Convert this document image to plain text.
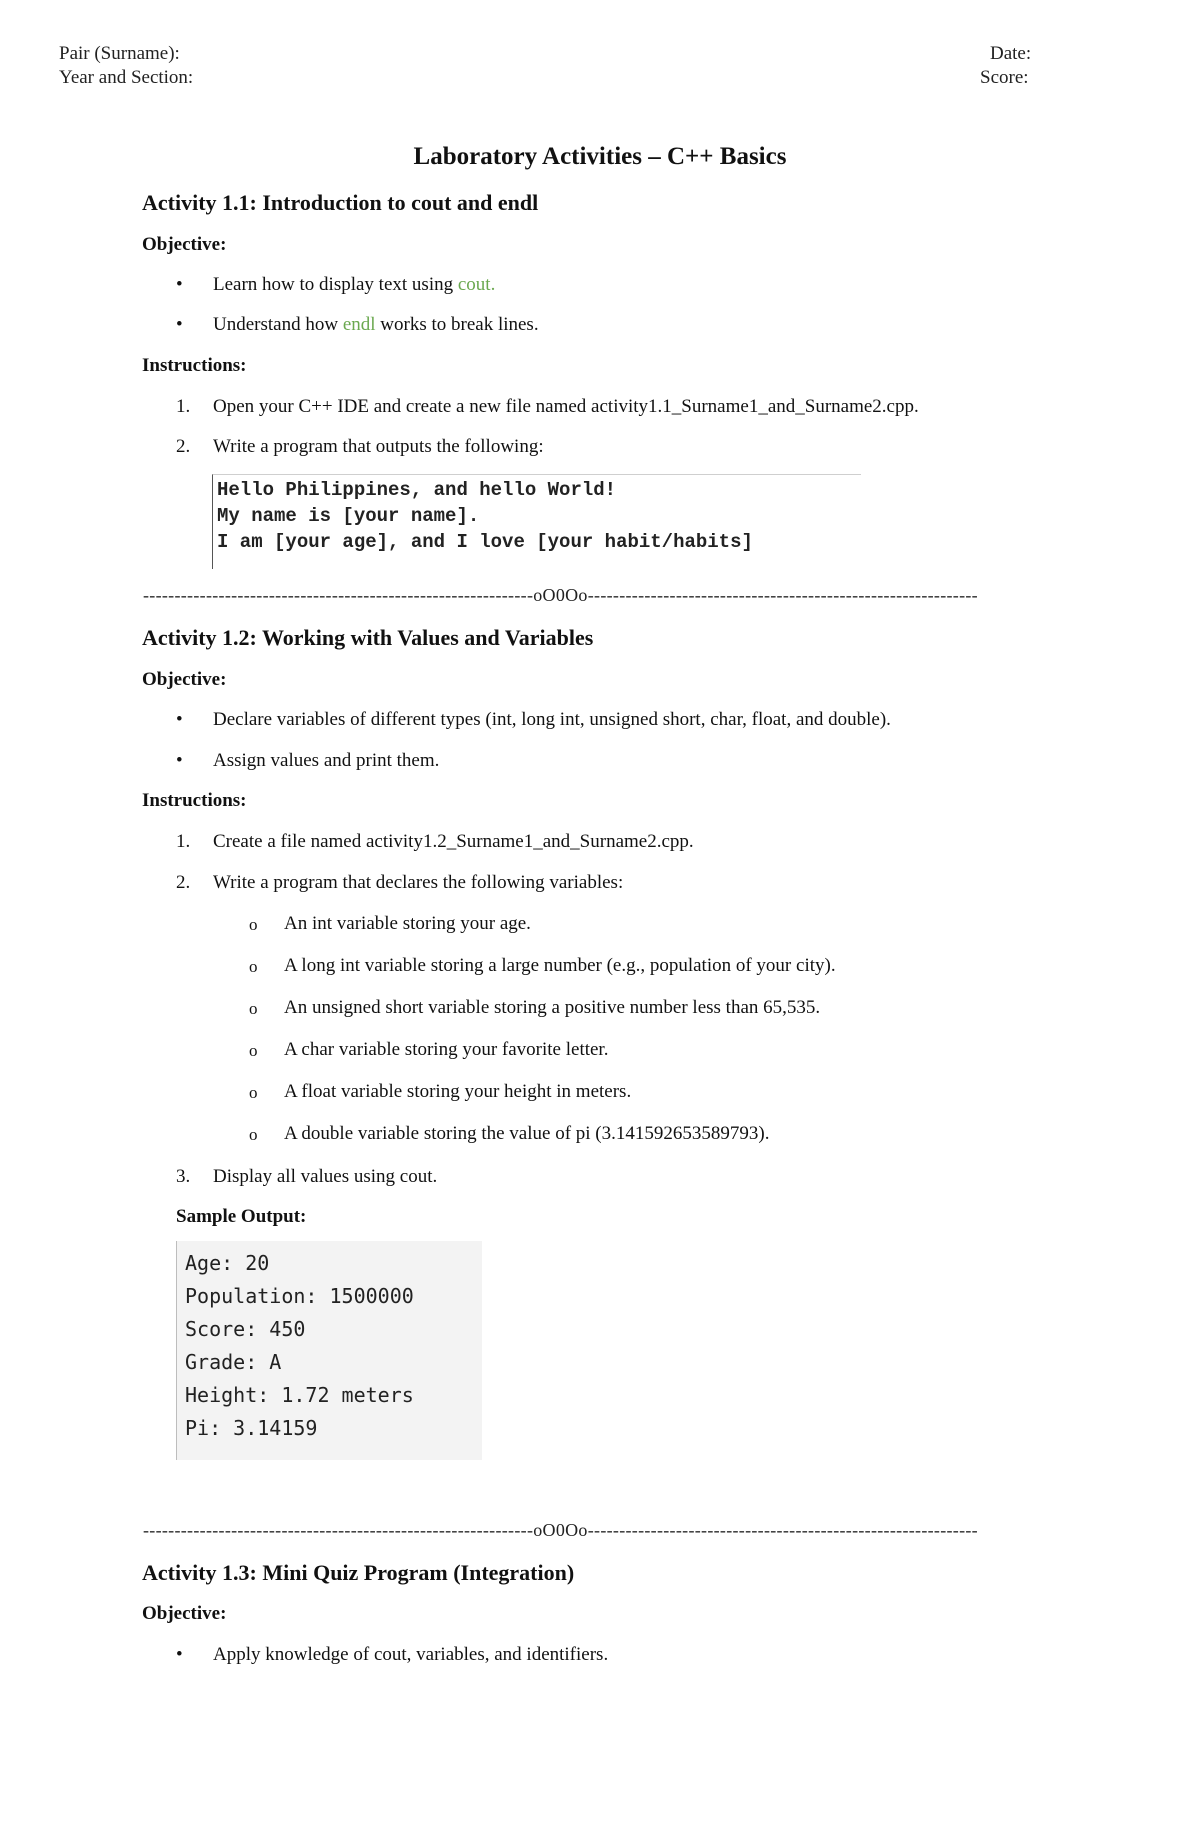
Pair (Surname):
Year and Section:
Date:
Score:
Laboratory Activities – C++ Basics
Activity 1.1: Introduction to cout and endl
Objective:
• Learn how to display text using cout.
• Understand how endl works to break lines.
Instructions:
1. Open your C++ IDE and create a new file named activity1.1_Surname1_and_Surname2.cpp.
2. Write a program that outputs the following:
Hello Philippines, and hello World!
My name is [your name].
I am [your age], and I love [your habit/habits]
--------------------------------------------------------------oO0Oo--------------------------------------------------------------
Activity 1.2: Working with Values and Variables
Objective:
• Declare variables of different types (int, long int, unsigned short, char, float, and double).
• Assign values and print them.
Instructions:
1. Create a file named activity1.2_Surname1_and_Surname2.cpp.
2. Write a program that declares the following variables:
o An int variable storing your age.
o A long int variable storing a large number (e.g., population of your city).
o An unsigned short variable storing a positive number less than 65,535.
o A char variable storing your favorite letter.
o A float variable storing your height in meters.
o A double variable storing the value of pi (3.141592653589793).
3. Display all values using cout.
Sample Output:
Age: 20
Population: 1500000
Score: 450
Grade: A
Height: 1.72 meters
Pi: 3.14159
--------------------------------------------------------------oO0Oo--------------------------------------------------------------
Activity 1.3: Mini Quiz Program (Integration)
Objective:
• Apply knowledge of cout, variables, and identifiers.
